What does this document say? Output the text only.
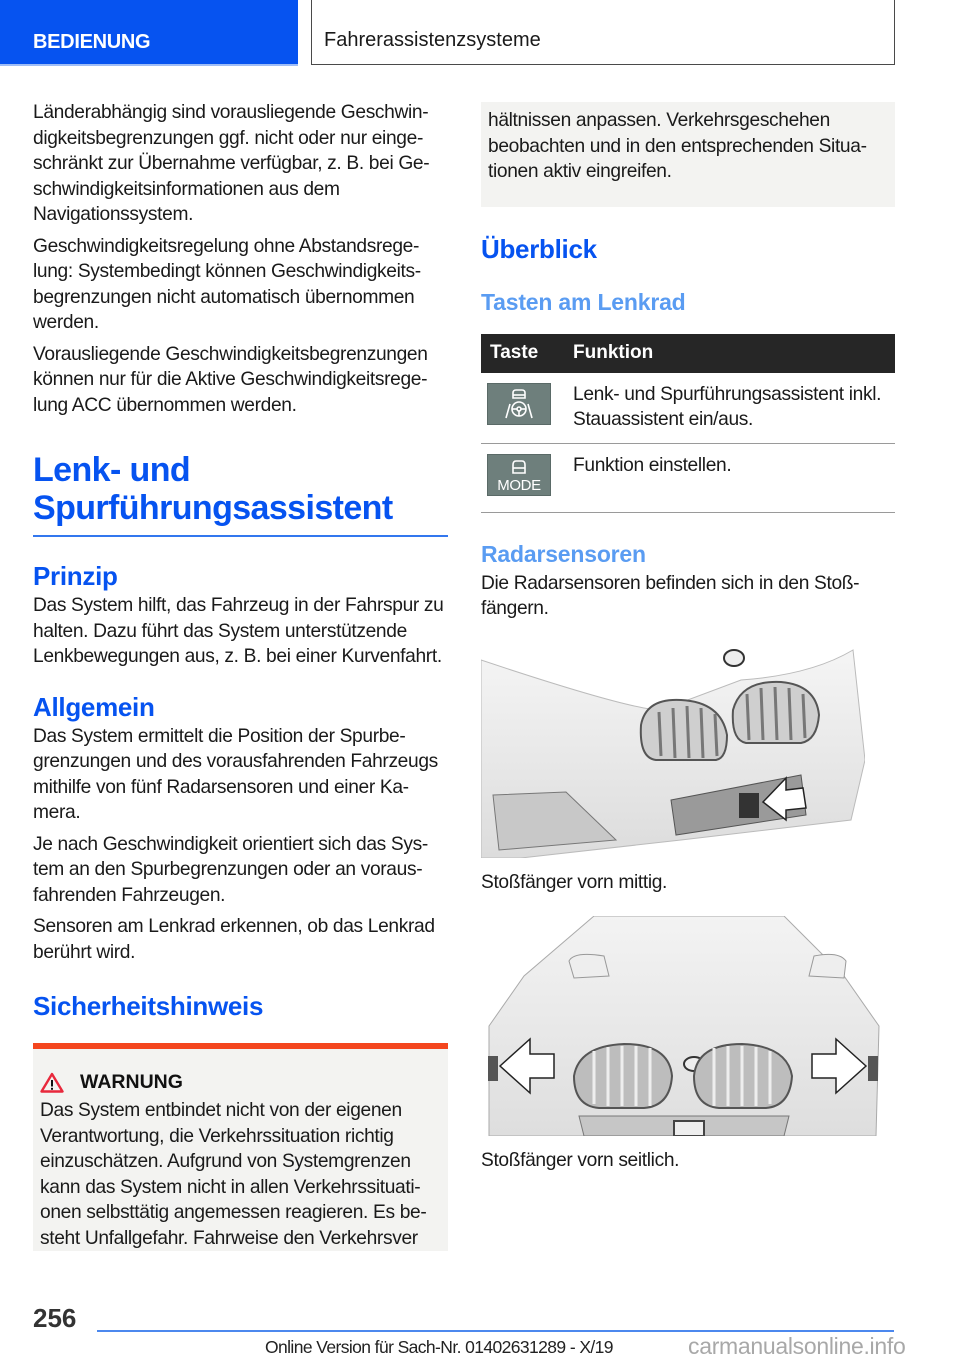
BEDIENUNG	Fahrerassistenzsysteme

Länderabhängig sind vorausliegende Geschwindigkeitsbegrenzungen ggf. nicht oder nur eingeschränkt zur Übernahme verfügbar, z. B. bei Geschwindigkeitsinformationen aus dem Navigationssystem.

Geschwindigkeitsregelung ohne Abstandsregelung: Systembedingt können Geschwindigkeitsbegrenzungen nicht automatisch übernommen werden.

Vorausliegende Geschwindigkeitsbegrenzungen können nur für die Aktive Geschwindigkeitsregelung ACC übernommen werden.

Lenk- und
Spurführungsassistent
Prinzip

Das System hilft, das Fahrzeug in der Fahrspur zu halten. Dazu führt das System unterstützende Lenkbewegungen aus, z. B. bei einer Kurvenfahrt.

Allgemein

Das System ermittelt die Position der Spurbegrenzungen und des vorausfahrenden Fahrzeugs mithilfe von fünf Radarsensoren und einer Kamera.

Je nach Geschwindigkeit orientiert sich das System an den Spurbegrenzungen oder an vorausfahrenden Fahrzeugen.

Sensoren am Lenkrad erkennen, ob das Lenkrad berührt wird.

Sicherheitshinweis
WARNUNG

Das System entbindet nicht von der eigenen Verantwortung, die Verkehrssituation richtig einzuschätzen. Aufgrund von Systemgrenzen kann das System nicht in allen Verkehrssituationen selbsttätig angemessen reagieren. Es besteht Unfallgefahr. Fahrweise den Verkehrsver

hältnissen anpassen. Verkehrsgeschehen beobachten und in den entsprechenden Situationen aktiv eingreifen.

Überblick
Tasten am Lenkrad
Taste	Funktion

	Lenk- und Spurführungsassistent inkl. Stauassistent ein/aus.

MODE	Funktion einstellen.
Radarsensoren

Die Radarsensoren befinden sich in den Stoßfängern.

Stoßfänger vorn mittig.
Stoßfänger vorn seitlich.
256
Online Version für Sach-Nr. 01402631289 - X/19	carmanualsonline.info
